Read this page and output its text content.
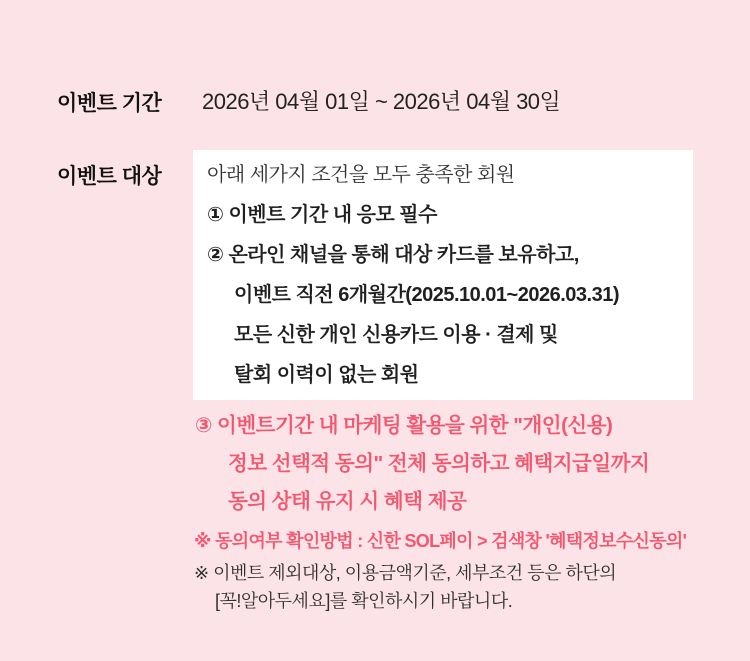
이벤트 기간 2026년 04월 01일 ~ 2026년 04월 30일
이벤트 대상 아래 세가지 조건을 모두 충족한 회원
① 이벤트 기간 내 응모 필수
② 온라인 채널을 통해 대상 카드를 보유하고,
이벤트 직전 6개월간(2025.10.01~2026.03.31)
모든 신한 개인 신용카드 이용 · 결제 및
탈회 이력이 없는 회원
③ 이벤트기간 내 마케팅 활용을 위한 "개인(신용)
정보 선택적 동의" 전체 동의하고 혜택지급일까지
동의 상태 유지 시 혜택 제공
※ 동의여부 확인방법 : 신한 SOL페이 > 검색창 '혜택정보수신동의'
※ 이벤트 제외대상, 이용금액기준, 세부조건 등은 하단의
[꼭!알아두세요]를 확인하시기 바랍니다.
